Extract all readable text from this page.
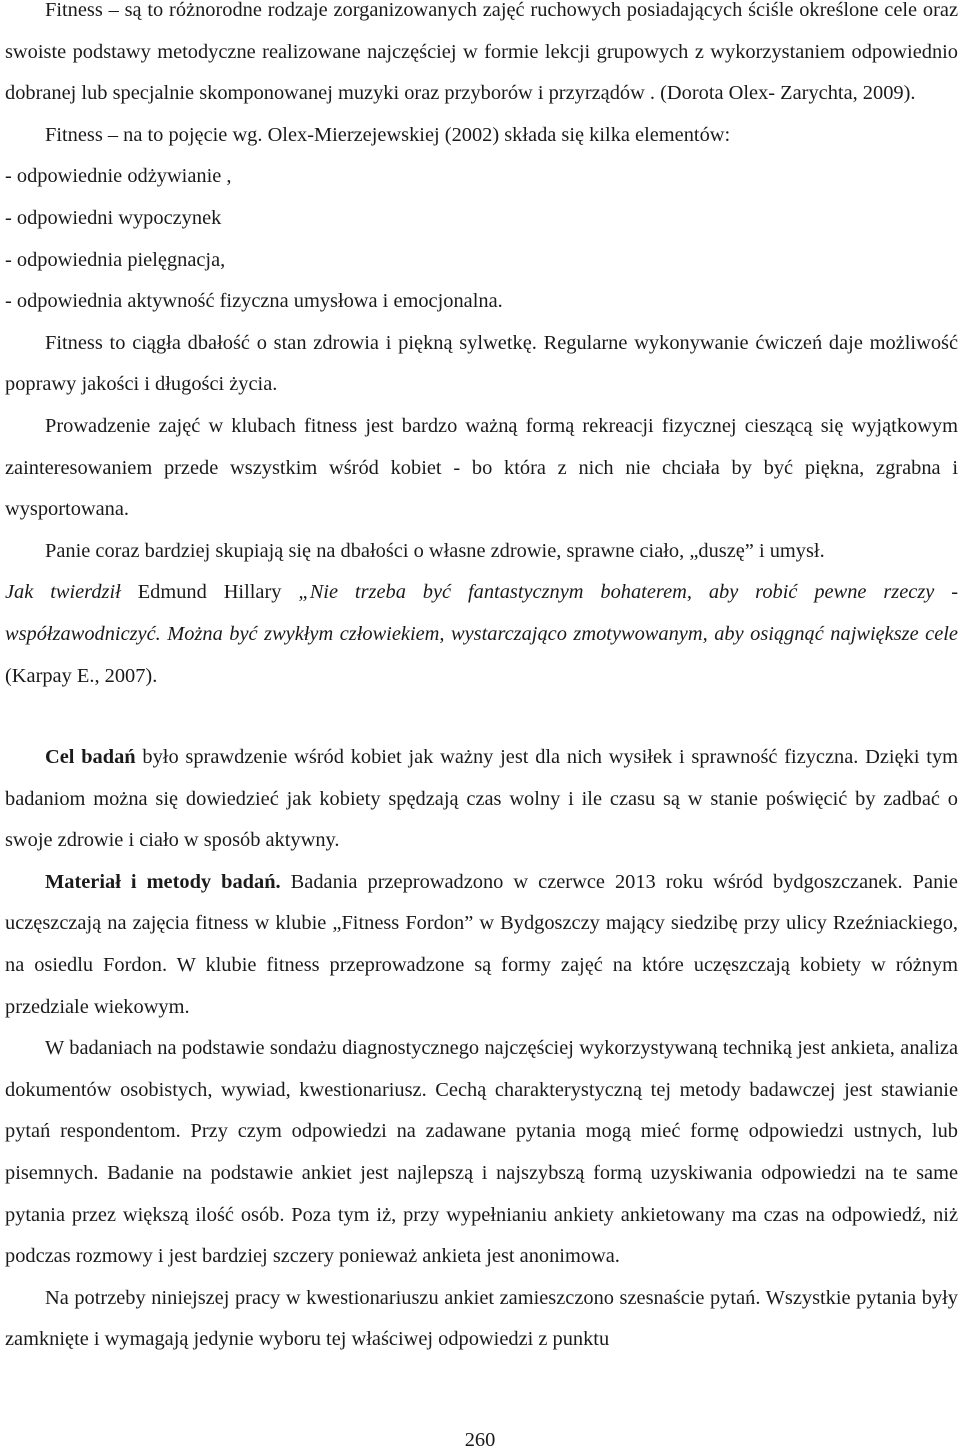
Fitness – są to różnorodne rodzaje zorganizowanych zajęć ruchowych posiadających ściśle określone cele oraz swoiste podstawy metodyczne realizowane najczęściej w formie lekcji grupowych z wykorzystaniem odpowiednio dobranej lub specjalnie skomponowanej muzyki oraz przyborów i przyrządów . (Dorota Olex- Zarychta, 2009).

Fitness – na to pojęcie wg. Olex-Mierzejewskiej (2002) składa się kilka elementów:

- odpowiednie odżywianie ,

- odpowiedni wypoczynek

- odpowiednia pielęgnacja,

- odpowiednia aktywność fizyczna umysłowa i emocjonalna.

Fitness to ciągła dbałość o stan zdrowia i piękną sylwetkę. Regularne wykonywanie ćwiczeń daje możliwość poprawy jakości i długości życia.

Prowadzenie zajęć w klubach fitness jest bardzo ważną formą rekreacji fizycznej cieszącą się wyjątkowym zainteresowaniem przede wszystkim wśród kobiet - bo która z nich nie chciała by być piękna, zgrabna i wysportowana.

Panie coraz bardziej skupiają się na dbałości o własne zdrowie, sprawne ciało, „duszę” i umysł.

Jak twierdził Edmund Hillary „Nie trzeba być fantastycznym bohaterem, aby robić pewne rzeczy - współzawodniczyć. Można być zwykłym człowiekiem, wystarczająco zmotywowanym, aby osiągnąć największe cele (Karpay E., 2007).

Cel badań było sprawdzenie wśród kobiet jak ważny jest dla nich wysiłek i sprawność fizyczna. Dzięki tym badaniom można się dowiedzieć jak kobiety spędzają czas wolny i ile czasu są w stanie poświęcić by zadbać o swoje zdrowie i ciało w sposób aktywny.

Materiał i metody badań. Badania przeprowadzono w czerwce 2013 roku wśród bydgoszczanek. Panie uczęszczają na zajęcia fitness w klubie „Fitness Fordon” w Bydgoszczy mający siedzibę przy ulicy Rzeźniackiego, na osiedlu Fordon. W klubie fitness przeprowadzone są formy zajęć na które uczęszczają kobiety w różnym przedziale wiekowym.

W badaniach na podstawie sondażu diagnostycznego najczęściej wykorzystywaną techniką jest ankieta, analiza dokumentów osobistych, wywiad, kwestionariusz. Cechą charakterystyczną tej metody badawczej jest stawianie pytań respondentom. Przy czym odpowiedzi na zadawane pytania mogą mieć formę odpowiedzi ustnych, lub pisemnych. Badanie na podstawie ankiet jest najlepszą i najszybszą formą uzyskiwania odpowiedzi na te same pytania przez większą ilość osób. Poza tym iż, przy wypełnianiu ankiety ankietowany ma czas na odpowiedź, niż podczas rozmowy i jest bardziej szczery ponieważ ankieta jest anonimowa.

Na potrzeby niniejszej pracy w kwestionariuszu ankiet zamieszczono szesnaście pytań. Wszystkie pytania były zamknięte i wymagają jedynie wyboru tej właściwej odpowiedzi z punktu

260
